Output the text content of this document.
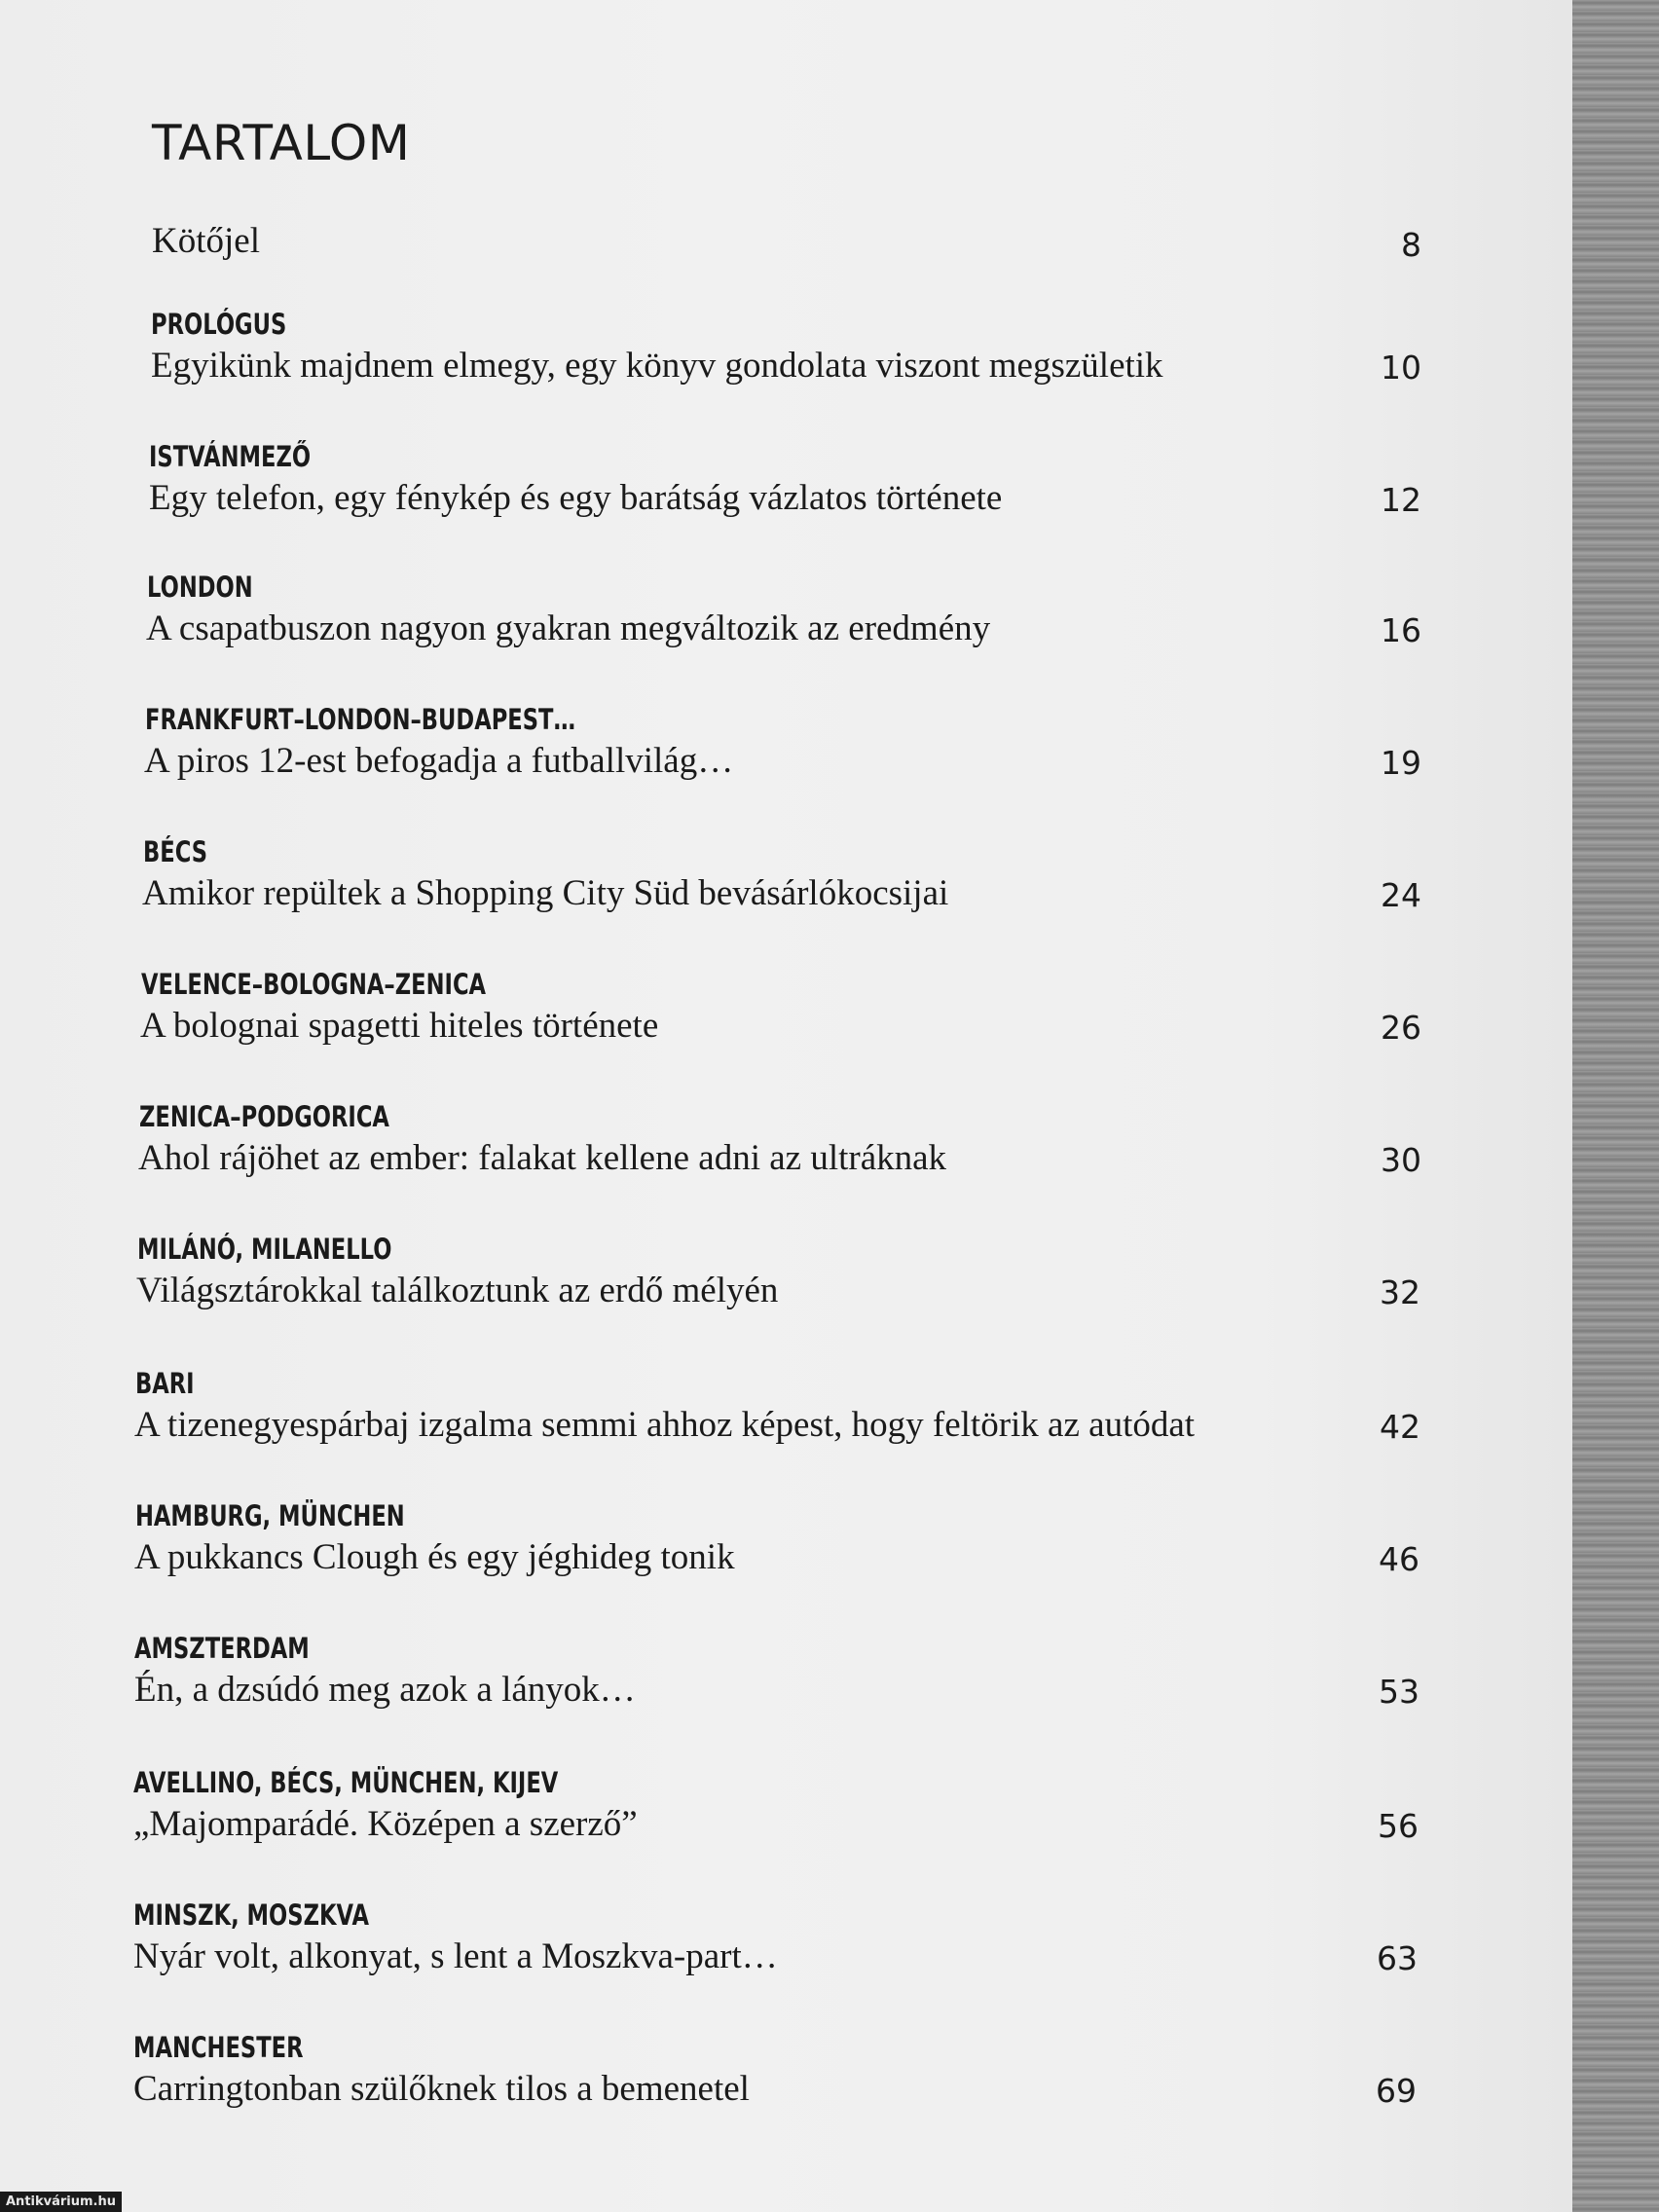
TARTALOM
Kötőjel	8
PROLÓGUS
Egyikünk majdnem elmegy, egy könyv gondolata viszont megszületik	10
ISTVÁNMEZŐ
Egy telefon, egy fénykép és egy barátság vázlatos története	12
LONDON
A csapatbuszon nagyon gyakran megváltozik az eredmény	16
FRANKFURT–LONDON–BUDAPEST…
A piros 12-est befogadja a futballvilág…	19
BÉCS
Amikor repültek a Shopping City Süd bevásárlókocsijai	24
VELENCE–BOLOGNA–ZENICA
A bolognai spagetti hiteles története	26
ZENICA–PODGORICA
Ahol rájöhet az ember: falakat kellene adni az ultráknak	30
MILÁNÓ, MILANELLO
Világsztárokkal találkoztunk az erdő mélyén	32
BARI
A tizenegyespárbaj izgalma semmi ahhoz képest, hogy feltörik az autódat	42
HAMBURG, MÜNCHEN
A pukkancs Clough és egy jéghideg tonik	46
AMSZTERDAM
Én, a dzsúdó meg azok a lányok…	53
AVELLINO, BÉCS, MÜNCHEN, KIJEV
„Majomparádé. Középen a szerző”	56
MINSZK, MOSZKVA
Nyár volt, alkonyat, s lent a Moszkva-part…	63
MANCHESTER
Carringtonban szülőknek tilos a bemenetel	69
Antikvárium.hu
